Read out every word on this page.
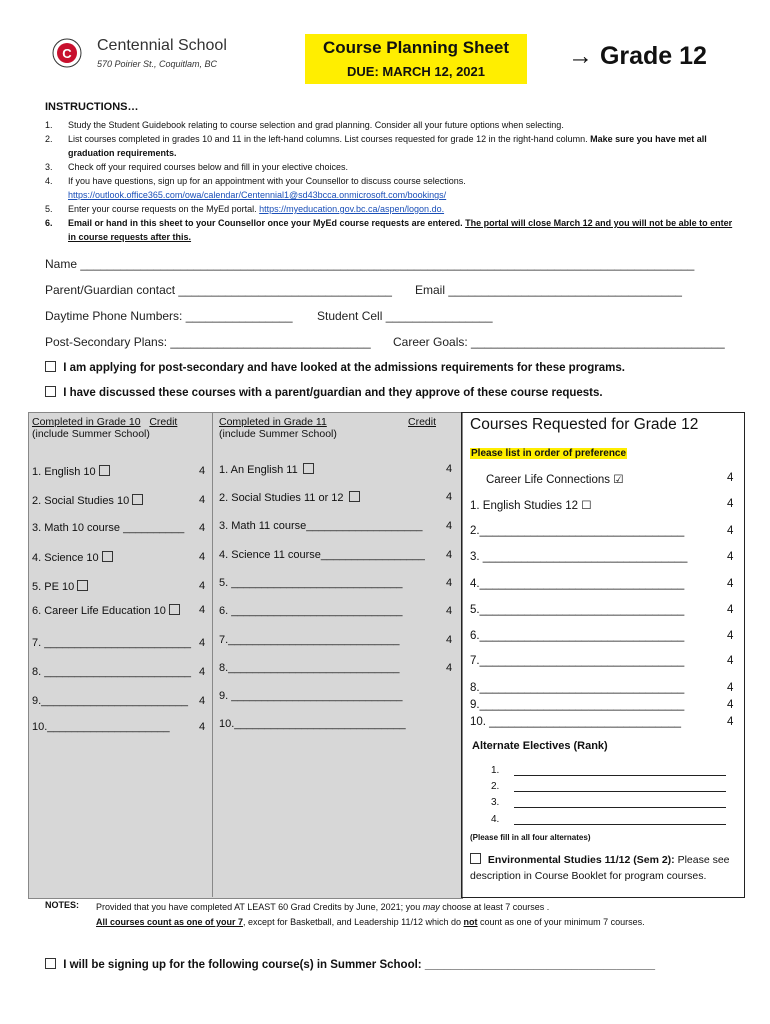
C Centennial School
570 Poirier St., Coquitlam, BC
Course Planning Sheet
DUE: MARCH 12, 2021
→ Grade 12
INSTRUCTIONS…
1.	Study the Student Guidebook relating to course selection and grad planning. Consider all your future options when selecting.
2.	List courses completed in grades 10 and 11 in the left-hand columns. List courses requested for grade 12 in the right-hand column. Make sure you have met all graduation requirements.
3.	Check off your required courses below and fill in your elective choices.
4.	If you have questions, sign up for an appointment with your Counsellor to discuss course selections.
https://outlook.office365.com/owa/calendar/Centennial1@sd43bcca.onmicrosoft.com/bookings/
5.	Enter your course requests on the MyEd portal. https://myeducation.gov.bc.ca/aspen/logon.do.
6.	Email or hand in this sheet to your Counsellor once your MyEd course requests are entered. The portal will close March 12 and you will not be able to enter in course requests after this.
Name ____________________________________________________________________________________________
Parent/Guardian contact ________________________________ Email ___________________________________
Daytime Phone Numbers: ________________ Student Cell ________________
Post-Secondary Plans: ______________________________ Career Goals: ______________________________________
I am applying for post-secondary and have looked at the admissions requirements for these programs.
I have discussed these courses with a parent/guardian and they approve of these course requests.
Completed in Grade 10 Credit
(include Summer School)
Completed in Grade 11
(include Summer School)
Credit
1. English 10	4
2. Social Studies 10	4
3. Math 10 course __________ 4
4. Science 10	4
5. PE 10	4
6. Career Life Education 10	4
7. ________________________ 4
8. ________________________ 4
9.________________________ 4
10.____________________	4
1. An English 11	4
2. Social Studies 11 or 12	4
3. Math 11 course___________________ 4
4. Science 11 course_________________ 4
5. ____________________________	4
6. ____________________________	4
7.____________________________	4
8.____________________________	4
9. ____________________________
10.____________________________
Courses Requested for Grade 12
Please list in order of preference
Career Life Connections ☑	4
1. English Studies 12 ☐	4
2.________________________________	4
3. ________________________________	4
4.________________________________	4
5.________________________________	4
6.________________________________	4
7.________________________________	4
8.________________________________	4
9.________________________________	4
10. ______________________________	4
Alternate Electives (Rank)
1.
2.
3.
4.
(Please fill in all four alternates)
Environmental Studies 11/12 (Sem 2): Please see description in Course Booklet for program courses.
NOTES: Provided that you have completed AT LEAST 60 Grad Credits by June, 2021; you may choose at least 7 courses .
All courses count as one of your 7, except for Basketball, and Leadership 11/12 which do not count as one of your minimum 7 courses.
I will be signing up for the following course(s) in Summer School: ____________________________________
